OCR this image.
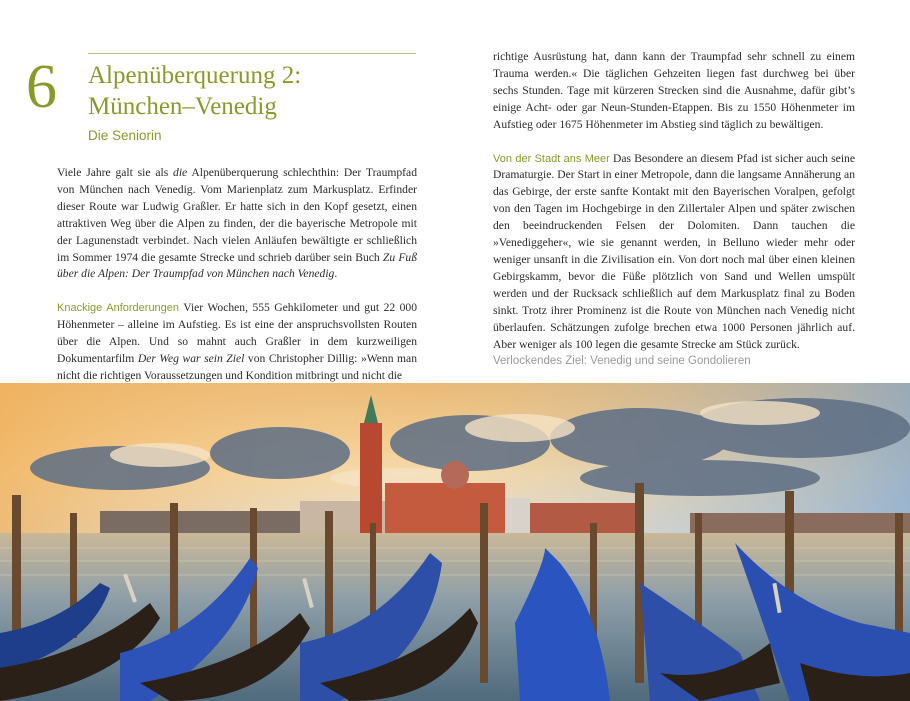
6 Alpenüberquerung 2:
München–Venedig
Die Seniorin

Viele Jahre galt sie als die Alpenüberquerung schlechthin: Der Traumpfad von München nach Venedig. Vom Marienplatz zum Markusplatz. Erfinder dieser Route war Ludwig Graßler. Er hatte sich in den Kopf gesetzt, einen attraktiven Weg über die Alpen zu finden, der die bayerische Metropole mit der Lagunenstadt verbindet. Nach vielen Anläufen bewältigte er schließlich im Sommer 1974 die gesamte Strecke und schrieb darüber sein Buch Zu Fuß über die Alpen: Der Traumpfad von München nach Venedig.

Knackige Anforderungen Vier Wochen, 555 Gehkilometer und gut 22 000 Höhenmeter – alleine im Aufstieg. Es ist eine der anspruchsvollsten Routen über die Alpen. Und so mahnt auch Graßler in dem kurzweiligen Dokumentarfilm Der Weg war sein Ziel von Christopher Dillig: »Wenn man nicht die richtigen Voraussetzungen und Kondition mitbringt und nicht die

richtige Ausrüstung hat, dann kann der Traumpfad sehr schnell zu einem Trauma werden.« Die täglichen Gehzeiten liegen fast durchweg bei über sechs Stunden. Tage mit kürzeren Strecken sind die Ausnahme, dafür gibt’s einige Acht- oder gar Neun-Stunden-Etappen. Bis zu 1550 Höhenmeter im Aufstieg oder 1675 Höhenmeter im Abstieg sind täglich zu bewältigen.

Von der Stadt ans Meer Das Besondere an diesem Pfad ist sicher auch seine Dramaturgie. Der Start in einer Metropole, dann die langsame Annäherung an das Gebirge, der erste sanfte Kontakt mit den Bayerischen Voralpen, gefolgt von den Tagen im Hochgebirge in den Zillertaler Alpen und später zwischen den beeindruckenden Felsen der Dolomiten. Dann tauchen die »Venediggeher«, wie sie genannt werden, in Belluno wieder mehr oder weniger unsanft in die Zivilisation ein. Von dort noch mal über einen kleinen Gebirgskamm, bevor die Füße plötzlich von Sand und Wellen umspült werden und der Rucksack schließlich auf dem Markusplatz final zu Boden sinkt. Trotz ihrer Prominenz ist die Route von München nach Venedig nicht überlaufen. Schätzungen zufolge brechen etwa 1000 Personen jährlich auf. Aber weniger als 100 legen die gesamte Strecke am Stück zurück.

Verlockendes Ziel: Venedig und seine Gondolieren
